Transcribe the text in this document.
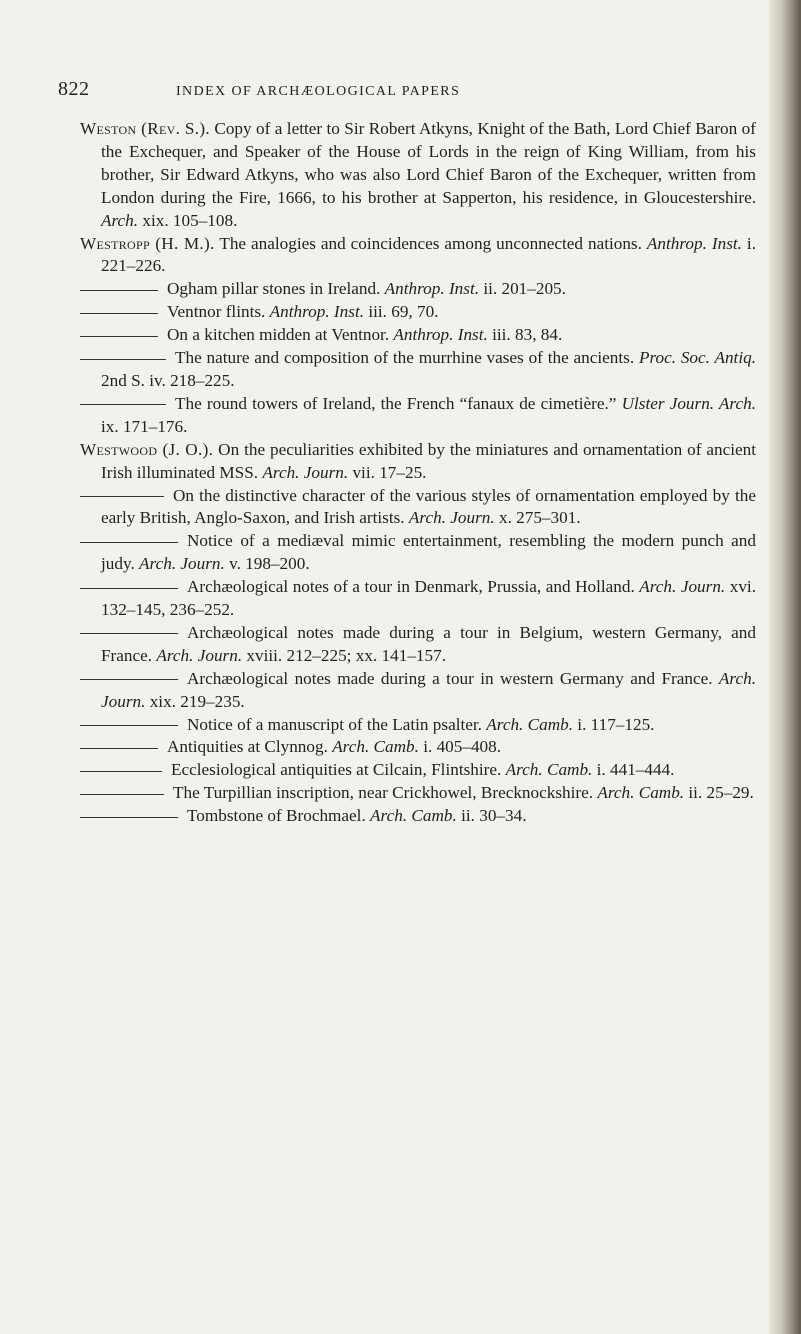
822	INDEX OF ARCHÆOLOGICAL PAPERS

Weston (Rev. S.). Copy of a letter to Sir Robert Atkyns, Knight of the Bath, Lord Chief Baron of the Exchequer, and Speaker of the House of Lords in the reign of King William, from his brother, Sir Edward Atkyns, who was also Lord Chief Baron of the Exchequer, written from London during the Fire, 1666, to his brother at Sapperton, his residence, in Gloucestershire. Arch. xix. 105–108.

Westropp (H. M.). The analogies and coincidences among unconnected nations. Anthrop. Inst. i. 221–226.

Ogham pillar stones in Ireland. Anthrop. Inst. ii. 201–205.

Ventnor flints. Anthrop. Inst. iii. 69, 70.

On a kitchen midden at Ventnor. Anthrop. Inst. iii. 83, 84.

The nature and composition of the murrhine vases of the ancients. Proc. Soc. Antiq. 2nd S. iv. 218–225.

The round towers of Ireland, the French “fanaux de cimetière.” Ulster Journ. Arch. ix. 171–176.

Westwood (J. O.). On the peculiarities exhibited by the miniatures and ornamentation of ancient Irish illuminated MSS. Arch. Journ. vii. 17–25.

On the distinctive character of the various styles of ornamentation employed by the early British, Anglo-Saxon, and Irish artists. Arch. Journ. x. 275–301.

Notice of a mediæval mimic entertainment, resembling the modern punch and judy. Arch. Journ. v. 198–200.

Archæological notes of a tour in Denmark, Prussia, and Holland. Arch. Journ. xvi. 132–145, 236–252.

Archæological notes made during a tour in Belgium, western Germany, and France. Arch. Journ. xviii. 212–225; xx. 141–157.

Archæological notes made during a tour in western Germany and France. Arch. Journ. xix. 219–235.

Notice of a manuscript of the Latin psalter. Arch. Camb. i. 117–125.

Antiquities at Clynnog. Arch. Camb. i. 405–408.

Ecclesiological antiquities at Cilcain, Flintshire. Arch. Camb. i. 441–444.

The Turpillian inscription, near Crickhowel, Brecknockshire. Arch. Camb. ii. 25–29.

Tombstone of Brochmael. Arch. Camb. ii. 30–34.
